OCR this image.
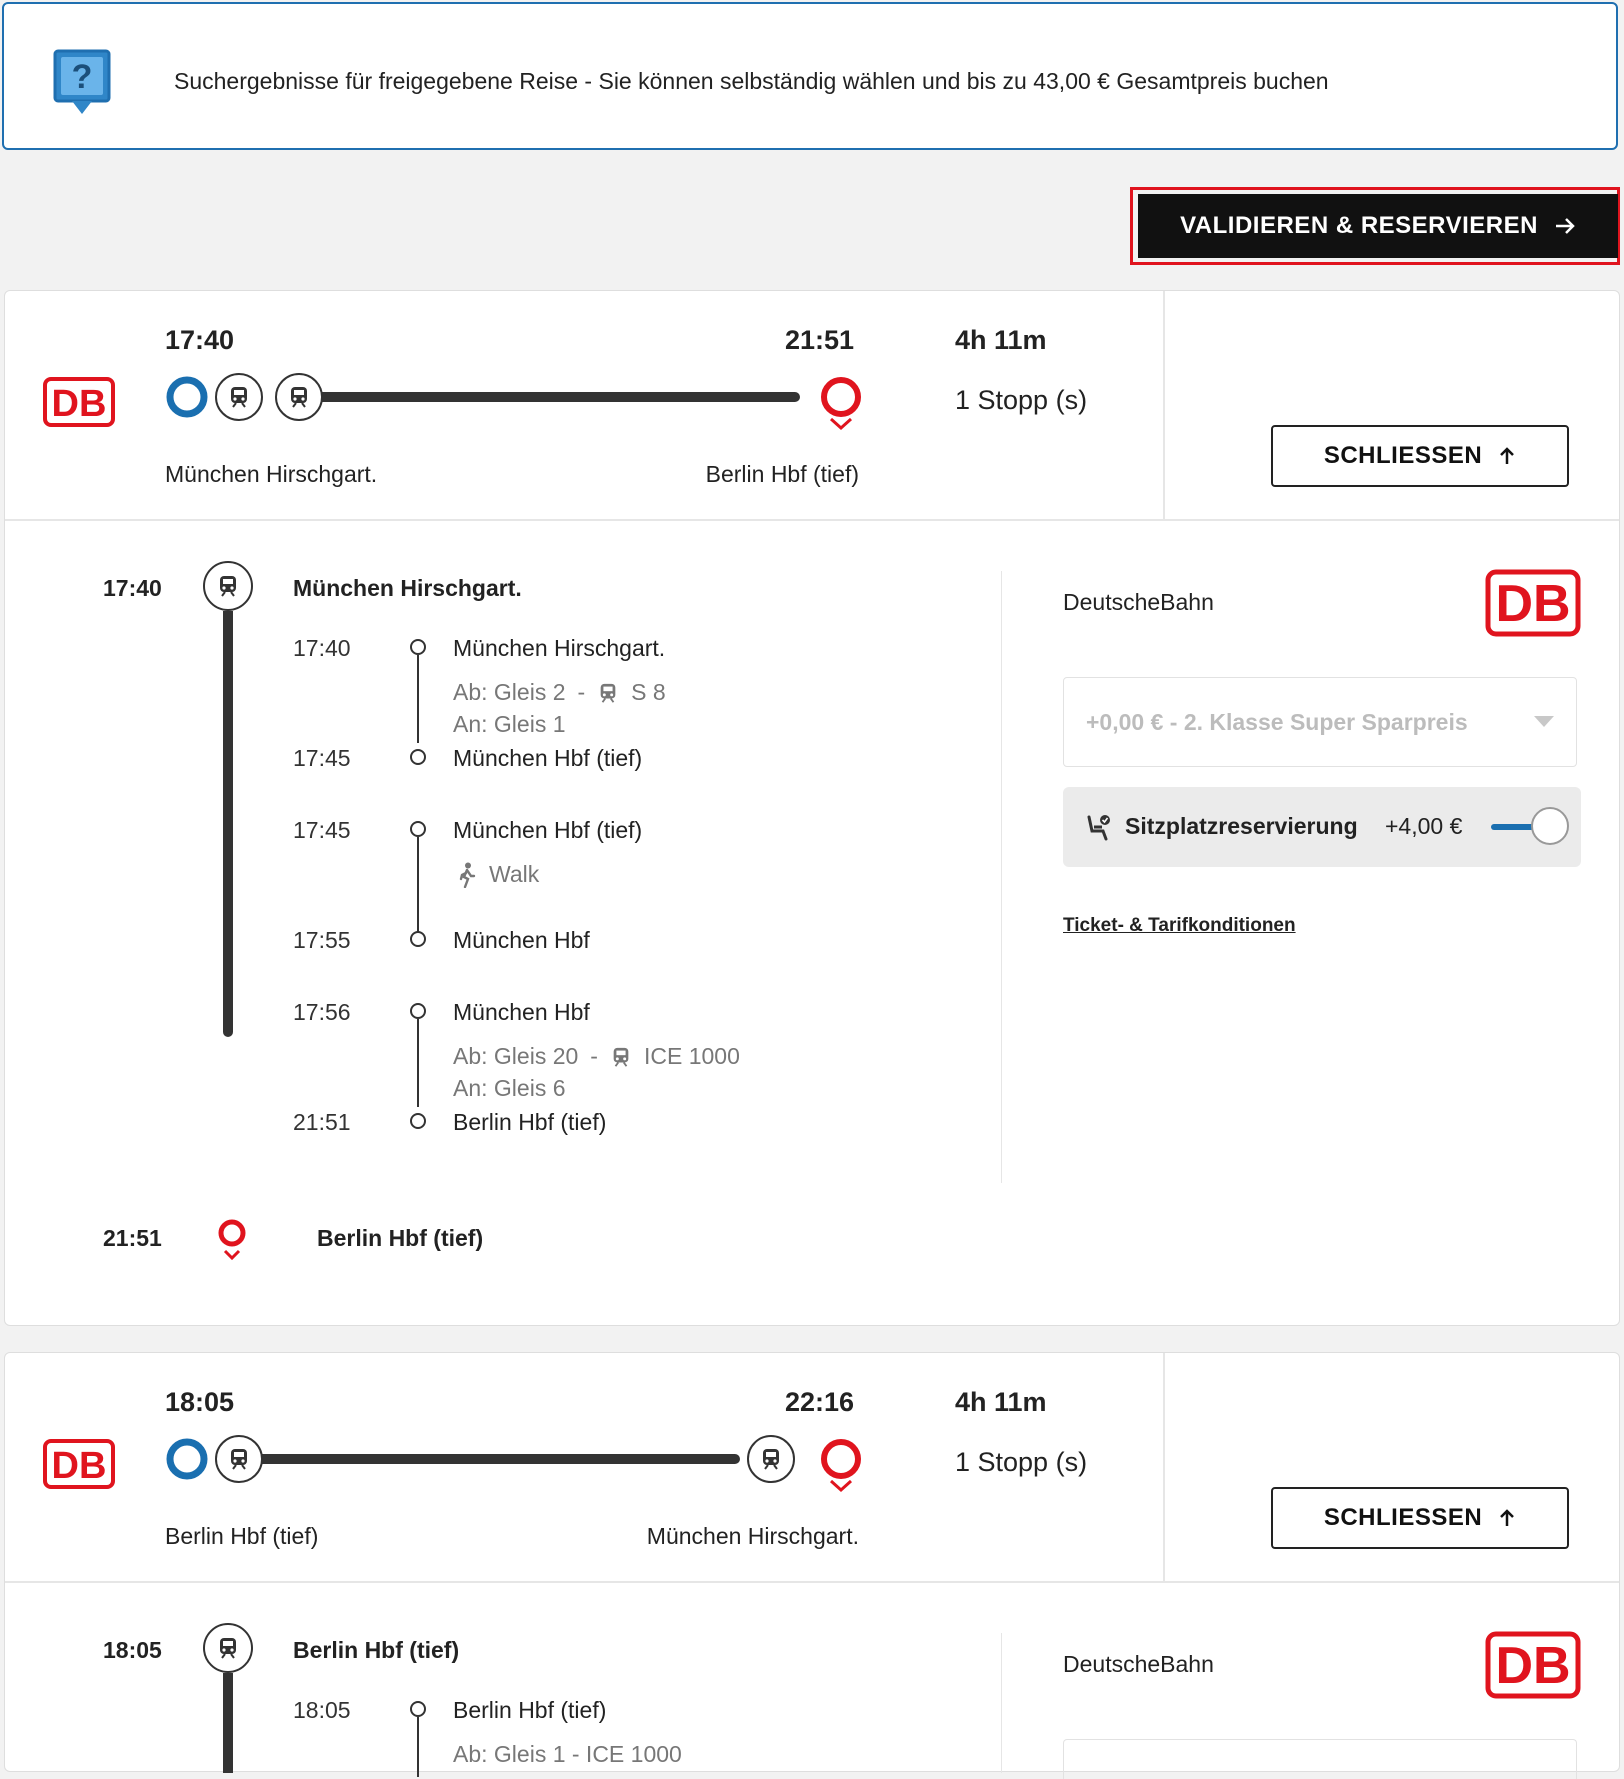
?	Suchergebnisse für freigegebene Reise - Sie können selbständig wählen und bis zu 43,00 € Gesamtpreis buchen
VALIDIEREN & RESERVIEREN
DB
17:40	21:51
München Hirschgart.	Berlin Hbf (tief)
4h 11m
1 Stopp (s)
SCHLIESSEN
17:40	München Hirschgart.
17:40	München Hirschgart.
Ab: Gleis 2 - S 8
An: Gleis 1
17:45	München Hbf (tief)
17:45	München Hbf (tief)
Walk
17:55	München Hbf
17:56	München Hbf
Ab: Gleis 20 - ICE 1000
An: Gleis 6
21:51	Berlin Hbf (tief)
21:51	Berlin Hbf (tief)
DeutscheBahn	DB
+0,00 € - 2. Klasse Super Sparpreis
Sitzplatzreservierung +4,00 €
Ticket- & Tarifkonditionen
DB
18:05	22:16
Berlin Hbf (tief)	München Hirschgart.
4h 11m
1 Stopp (s)
SCHLIESSEN
18:05	Berlin Hbf (tief)
18:05	Berlin Hbf (tief)
Ab: Gleis 1 - ICE 1000
DeutscheBahn	DB
